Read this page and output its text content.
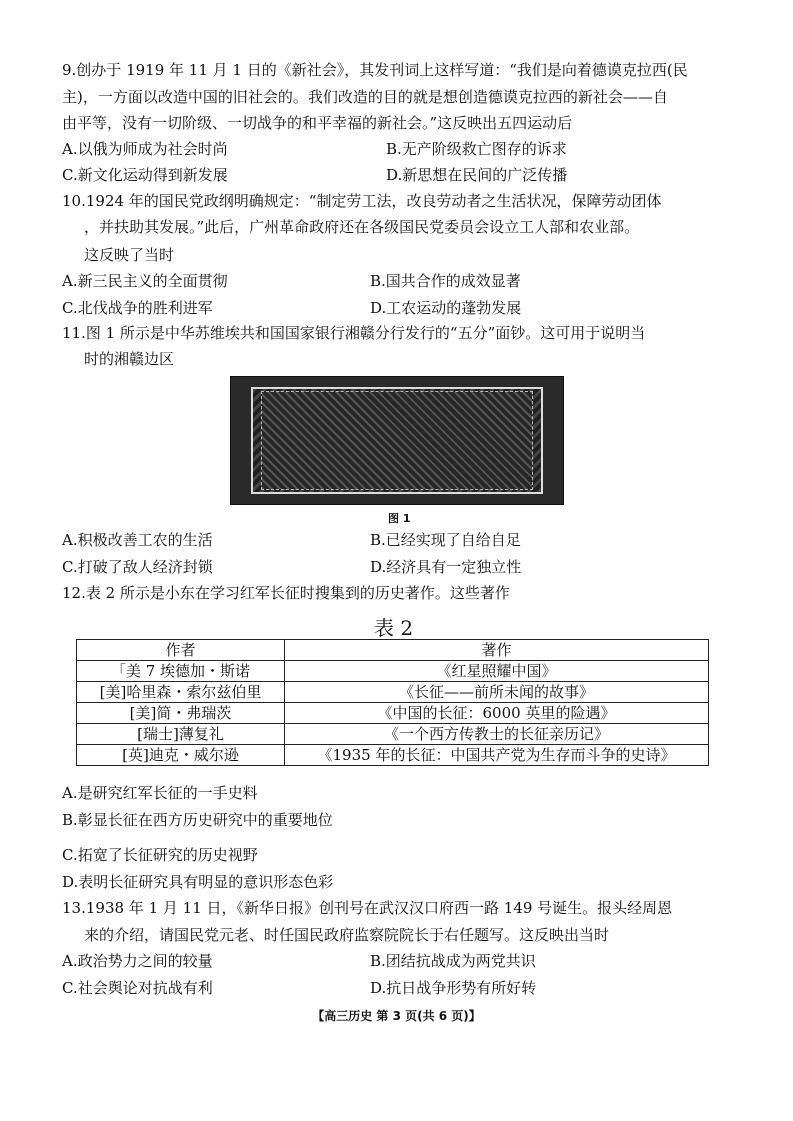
9.创办于 1919 年 11 月 1 日的《新社会》，其发刊词上这样写道：“我们是向着德谟克拉西(民
主)，一方面以改造中国的旧社会的。我们改造的目的就是想创造德谟克拉西的新社会——自
由平等，没有一切阶级、一切战争的和平幸福的新社会。”这反映出五四运动后
A.以俄为师成为社会时尚	B.无产阶级救亡图存的诉求
C.新文化运动得到新发展	D.新思想在民间的广泛传播
10.1924 年的国民党政纲明确规定：“制定劳工法，改良劳动者之生活状况，保障劳动团体
，并扶助其发展。”此后，广州革命政府还在各级国民党委员会设立工人部和农业部。
这反映了当时
A.新三民主义的全面贯彻	B.国共合作的成效显著
C.北伐战争的胜利进军	D.工农运动的蓬勃发展
11.图 1 所示是中华苏维埃共和国国家银行湘赣分行发行的“五分”面钞。这可用于说明当
时的湘赣边区
图 1
A.积极改善工农的生活	B.已经实现了自给自足
C.打破了敌人经济封锁	D.经济具有一定独立性
12.表 2 所示是小东在学习红军长征时搜集到的历史著作。这些著作
表 2
作者	著作
「美 7 埃德加・斯诺	《红星照耀中国》
[美]哈里森・索尔兹伯里	《长征——前所未闻的故事》
[美]简・弗瑞茨	《中国的长征：6000 英里的险遇》
[瑞士]薄复礼	《一个西方传教士的长征亲历记》
[英]迪克・威尔逊	《1935 年的长征：中国共产党为生存而斗争的史诗》
A.是研究红军长征的一手史料
B.彰显长征在西方历史研究中的重要地位
C.拓宽了长征研究的历史视野
D.表明长征研究具有明显的意识形态色彩
13.1938 年 1 月 11 日，《新华日报》创刊号在武汉汉口府西一路 149 号诞生。报头经周恩
来的介绍，请国民党元老、时任国民政府监察院院长于右任题写。这反映出当时
A.政治势力之间的较量	B.团结抗战成为两党共识
C.社会舆论对抗战有利	D.抗日战争形势有所好转
【高三历史 第 3 页(共 6 页)】
